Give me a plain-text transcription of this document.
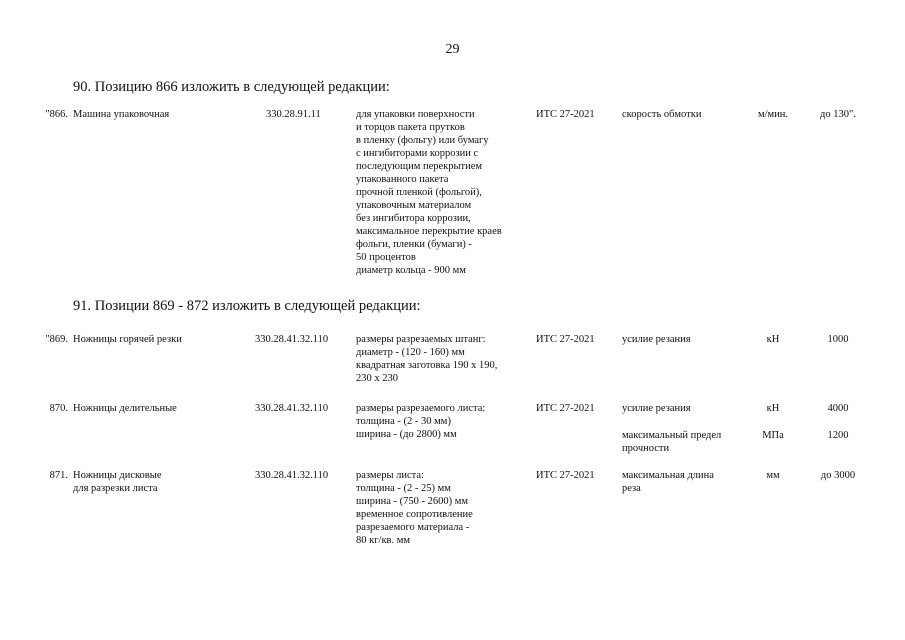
29
90. Позицию 866 изложить в следующей редакции:
"866. Машина упаковочная	330.28.91.11	для упаковки поверхности
и торцов пакета прутков
в пленку (фольгу) или бумагу
с ингибиторами коррозии с
последующим перекрытием
упакованного пакета
прочной пленкой (фольгой),
упаковочным материалом
без ингибитора коррозии,
максимальное перекрытие краев
фольги, пленки (бумаги) -
50 процентов
диаметр кольца - 900 мм
ИТС 27-2021	скорость обмотки	м/мин.	до 130".
91. Позиции 869 - 872 изложить в следующей редакции:
"869. Ножницы горячей резки	330.28.41.32.110	размеры разрезаемых штанг:
диаметр - (120 - 160) мм
квадратная заготовка 190 х 190,
230 х 230
ИТС 27-2021	усилие резания	кН	1000
870. Ножницы делительные	330.28.41.32.110	размеры разрезаемого листа:
толщина - (2 - 30 мм)
ширина - (до 2800) мм
ИТС 27-2021	усилие резания	кН	4000
максимальный предел
прочности
МПа	1200
871. Ножницы дисковые
для разрезки листа
330.28.41.32.110	размеры листа:
толщина - (2 - 25) мм
ширина - (750 - 2600) мм
временное сопротивление
разрезаемого материала -
80 кг/кв. мм
ИТС 27-2021	максимальная длина
реза
мм	до 3000
